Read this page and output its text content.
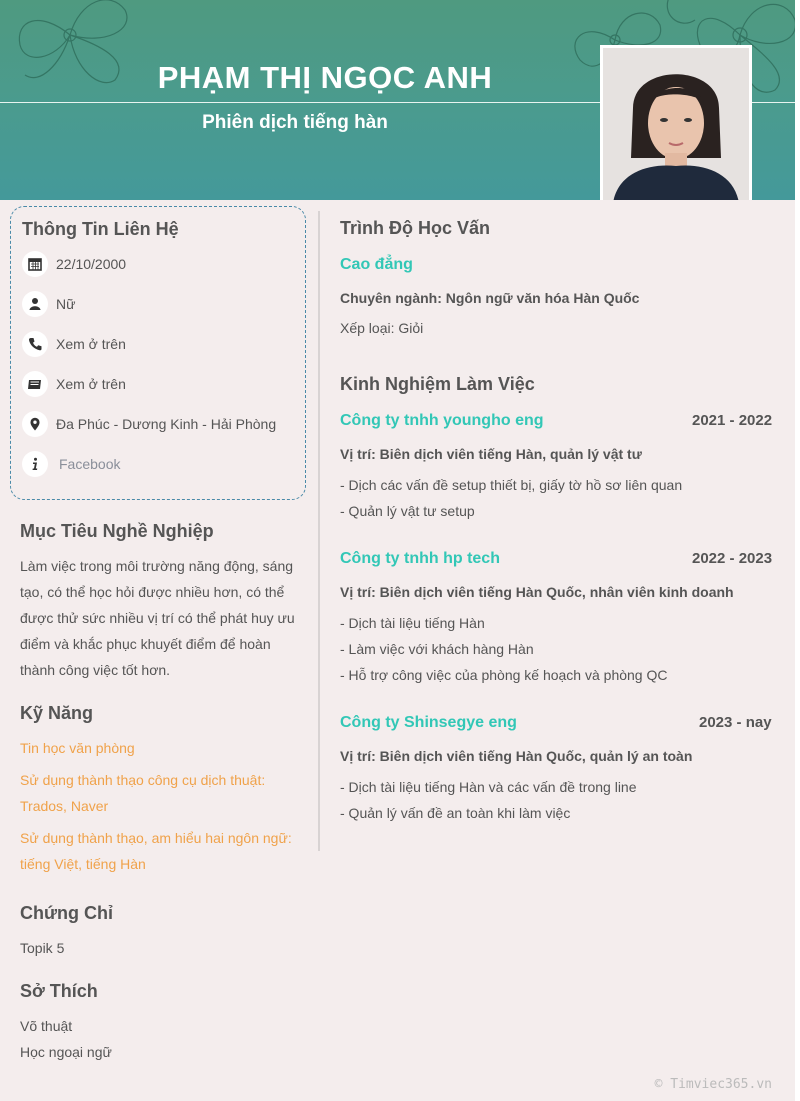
PHẠM THỊ NGỌC ANH
Phiên dịch tiếng hàn
Thông Tin Liên Hệ
22/10/2000
Nữ
Xem ở trên
Xem ở trên
Đa Phúc - Dương Kinh - Hải Phòng
Facebook
Mục Tiêu Nghề Nghiệp
Làm việc trong môi trường năng động, sáng
tạo, có thể học hỏi được nhiều hơn, có thể
được thử sức nhiều vị trí có thể phát huy ưu
điểm và khắc phục khuyết điểm để hoàn
thành công việc tốt hơn.
Kỹ Năng
Tin học văn phòng
Sử dụng thành thạo công cụ dịch thuật:
Trados, Naver
Sử dụng thành thạo, am hiểu hai ngôn ngữ:
tiếng Việt, tiếng Hàn
Chứng Chỉ
Topik 5
Sở Thích
Võ thuật
Học ngoại ngữ
Trình Độ Học Vấn
Cao đẳng
Chuyên ngành: Ngôn ngữ văn hóa Hàn Quốc
Xếp loại: Giỏi
Kinh Nghiệm Làm Việc
Công ty tnhh youngho eng	2021 - 2022
Vị trí: Biên dịch viên tiếng Hàn, quản lý vật tư
- Dịch các vấn đề setup thiết bị, giấy tờ hồ sơ liên quan
- Quản lý vật tư setup
Công ty tnhh hp tech	2022 - 2023
Vị trí: Biên dịch viên tiếng Hàn Quốc, nhân viên kinh doanh
- Dịch tài liệu tiếng Hàn
- Làm việc với khách hàng Hàn
- Hỗ trợ công việc của phòng kế hoạch và phòng QC
Công ty Shinsegye eng	2023 - nay
Vị trí: Biên dịch viên tiếng Hàn Quốc, quản lý an toàn
- Dịch tài liệu tiếng Hàn và các vấn đề trong line
- Quản lý vấn đề an toàn khi làm việc
© Timviec365.vn
